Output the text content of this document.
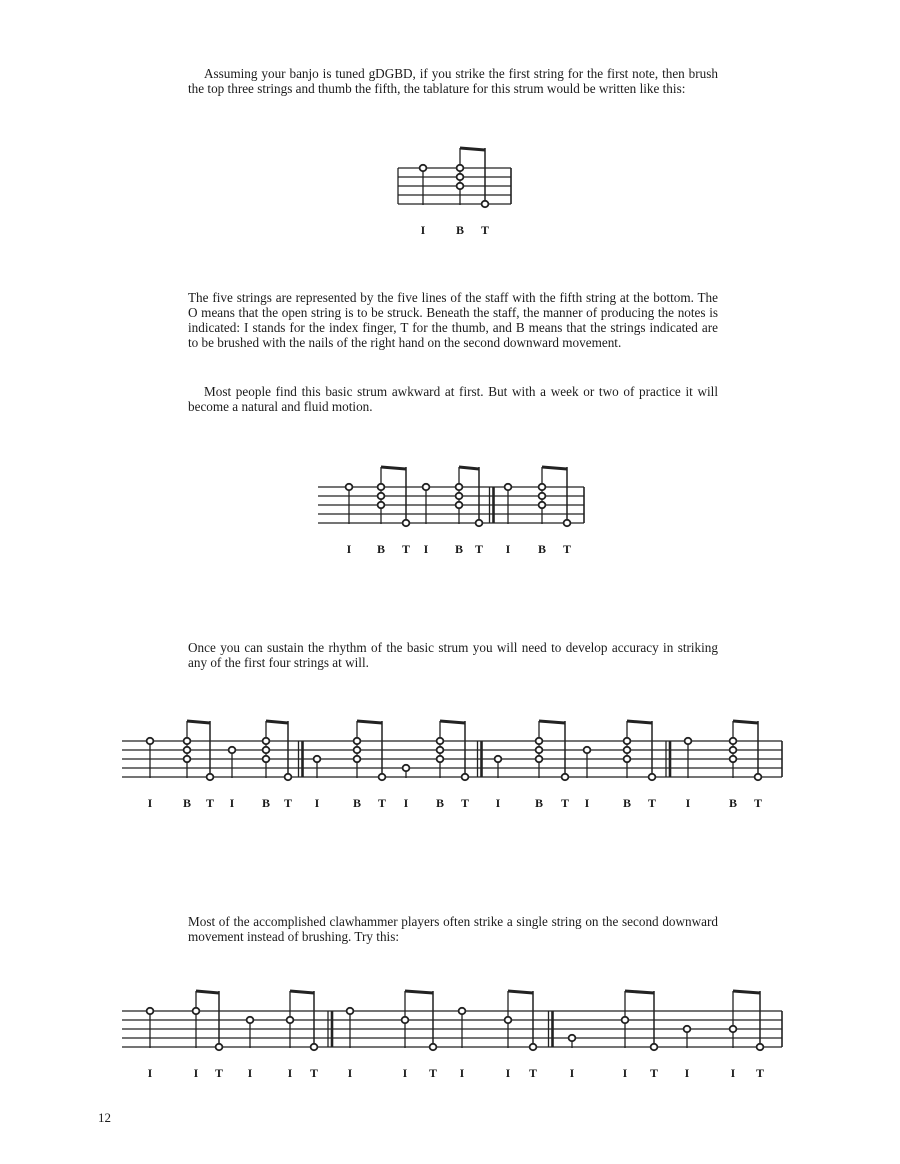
Assuming your banjo is tuned gDGBD, if you strike the first string for the first note, then brush the top three strings and thumb the fifth, the tablature for this strum would be written like this:

I	B T

The five strings are represented by the five lines of the staff with the fifth string at the bottom. The O means that the open string is to be struck. Beneath the staff, the manner of producing the notes is indicated: I stands for the index finger, T for the thumb, and B means that the strings indicated are to be brushed with the nails of the right hand on the second downward movement.

Most people find this basic strum awkward at first. But with a week or two of practice it will become a natural and fluid motion.

I B T I B T I B T

Once you can sustain the rhythm of the basic strum you will need to develop accuracy in striking any of the first four strings at will.

I	B T I B T I	B T I B T I	B T I	B T I	B T

Most of the accomplished clawhammer players often strike a single string on the second downward movement instead of brushing. Try this:

I	I T I	I T I	I T I	I T	I	I T I	I T
12
